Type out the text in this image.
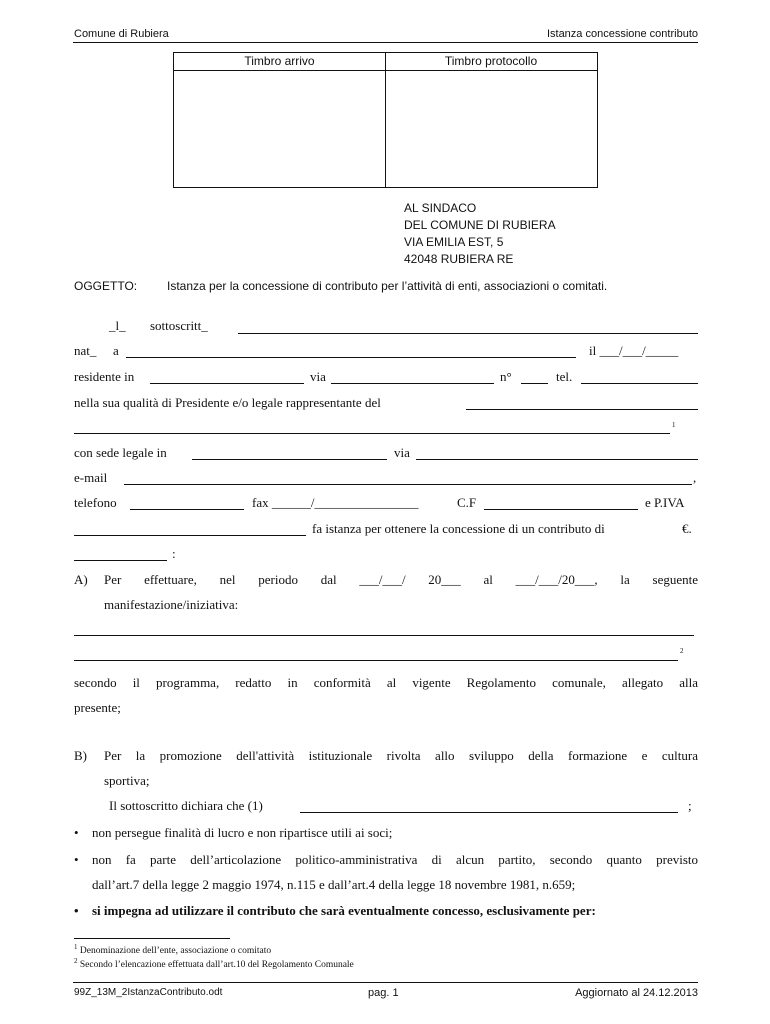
Comune di Rubiera	Istanza concessione contributo
Timbro arrivo	Timbro protocollo
AL SINDACO
DEL COMUNE DI RUBIERA
VIA EMILIA EST, 5
42048 RUBIERA RE
OGGETTO: Istanza per la concessione di contributo per l’attività di enti, associazioni o comitati.
_l_ sottoscritt_
nat_ a	il ___/___/_____
residente in	via	n°	tel.
nella sua qualità di Presidente e/o legale rappresentante del
1
con sede legale in	via
e-mail	,
telefono	fax ______/________________	C.F	e P.IVA
fa istanza per ottenere la concessione di un contributo di	€.
:
A) Per effettuare, nel periodo dal ___/___/ 20___ al ___/___/20___, la seguente
manifestazione/iniziativa:
2
secondo il programma, redatto in conformità al vigente Regolamento comunale, allegato alla
presente;
B) Per la promozione dell'attività istituzionale rivolta allo sviluppo della formazione e cultura
sportiva;
Il sottoscritto dichiara che (1)	;
• non persegue finalità di lucro e non ripartisce utili ai soci;
• non fa parte dell’articolazione politico-amministrativa di alcun partito, secondo quanto previsto
dall’art.7 della legge 2 maggio 1974, n.115 e dall’art.4 della legge 18 novembre 1981, n.659;
• si impegna ad utilizzare il contributo che sarà eventualmente concesso, esclusivamente per:
$^1$ Denominazione dell’ente, associazione o comitato
$^2$ Secondo l’elencazione effettuata dall’art.10 del Regolamento Comunale
99Z_13M_2IstanzaContributo.odt	pag. 1	Aggiornato al 24.12.2013
